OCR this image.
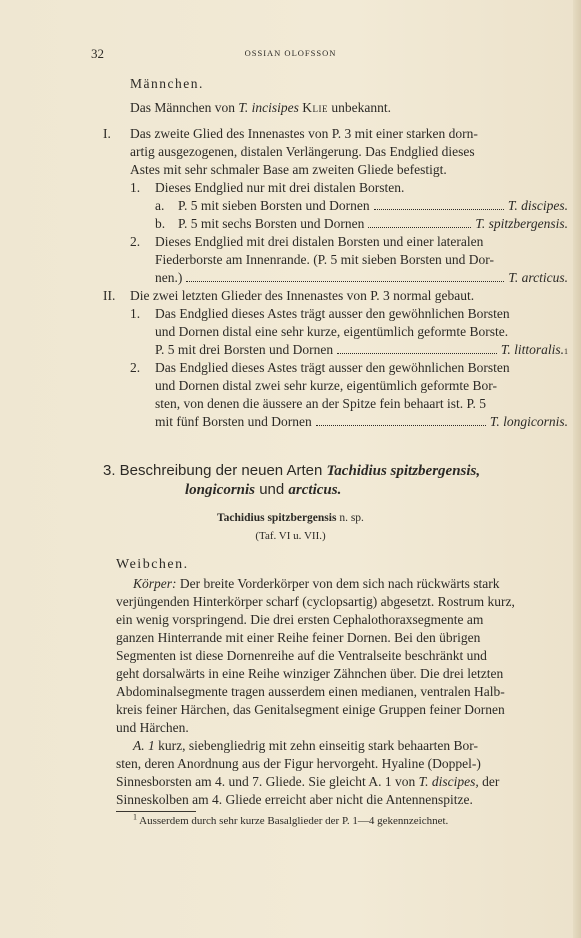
32	OSSIAN OLOFSSON
Männchen.
Das Männchen von T. incisipes Klie unbekannt.
I. Das zweite Glied des Innenastes von P. 3 mit einer starken dorn-
artig ausgezogenen, distalen Verlängerung. Das Endglied dieses
Astes mit sehr schmaler Base am zweiten Gliede befestigt.
1. Dieses Endglied nur mit drei distalen Borsten.
a. P. 5 mit sieben Borsten und Dornen	T. discipes.
b. P. 5 mit sechs Borsten und Dornen	T. spitzbergensis.
2. Dieses Endglied mit drei distalen Borsten und einer lateralen
Fiederborste am Innenrande. (P. 5 mit sieben Borsten und Dor-
nen.)	T. arcticus.
II. Die zwei letzten Glieder des Innenastes von P. 3 normal gebaut.
1. Das Endglied dieses Astes trägt ausser den gewöhnlichen Borsten
und Dornen distal eine sehr kurze, eigentümlich geformte Borste.
P. 5 mit drei Borsten und Dornen	T. littoralis. 1
2. Das Endglied dieses Astes trägt ausser den gewöhnlichen Borsten
und Dornen distal zwei sehr kurze, eigentümlich geformte Bor-
sten, von denen die äussere an der Spitze fein behaart ist. P. 5
mit fünf Borsten und Dornen	T. longicornis.
3. Beschreibung der neuen Arten Tachidius spitzbergensis,
longicornis und arcticus.
Tachidius spitzbergensis n. sp.
(Taf. VI u. VII.)
Weibchen.
Körper: Der breite Vorderkörper von dem sich nach rückwärts stark
verjüngenden Hinterkörper scharf (cyclopsartig) abgesetzt. Rostrum kurz,
ein wenig vorspringend. Die drei ersten Cephalothoraxsegmente am
ganzen Hinterrande mit einer Reihe feiner Dornen. Bei den übrigen
Segmenten ist diese Dornenreihe auf die Ventralseite beschränkt und
geht dorsalwärts in eine Reihe winziger Zähnchen über. Die drei letzten
Abdominalsegmente tragen ausserdem einen medianen, ventralen Halb-
kreis feiner Härchen, das Genitalsegment einige Gruppen feiner Dornen
und Härchen.
A. 1 kurz, siebengliedrig mit zehn einseitig stark behaarten Bor-
sten, deren Anordnung aus der Figur hervorgeht. Hyaline (Doppel-)
Sinnesborsten am 4. und 7. Gliede. Sie gleicht A. 1 von T. discipes, der
Sinneskolben am 4. Gliede erreicht aber nicht die Antennenspitze.
$^1$ Ausserdem durch sehr kurze Basalglieder der P. 1—4 gekennzeichnet.
